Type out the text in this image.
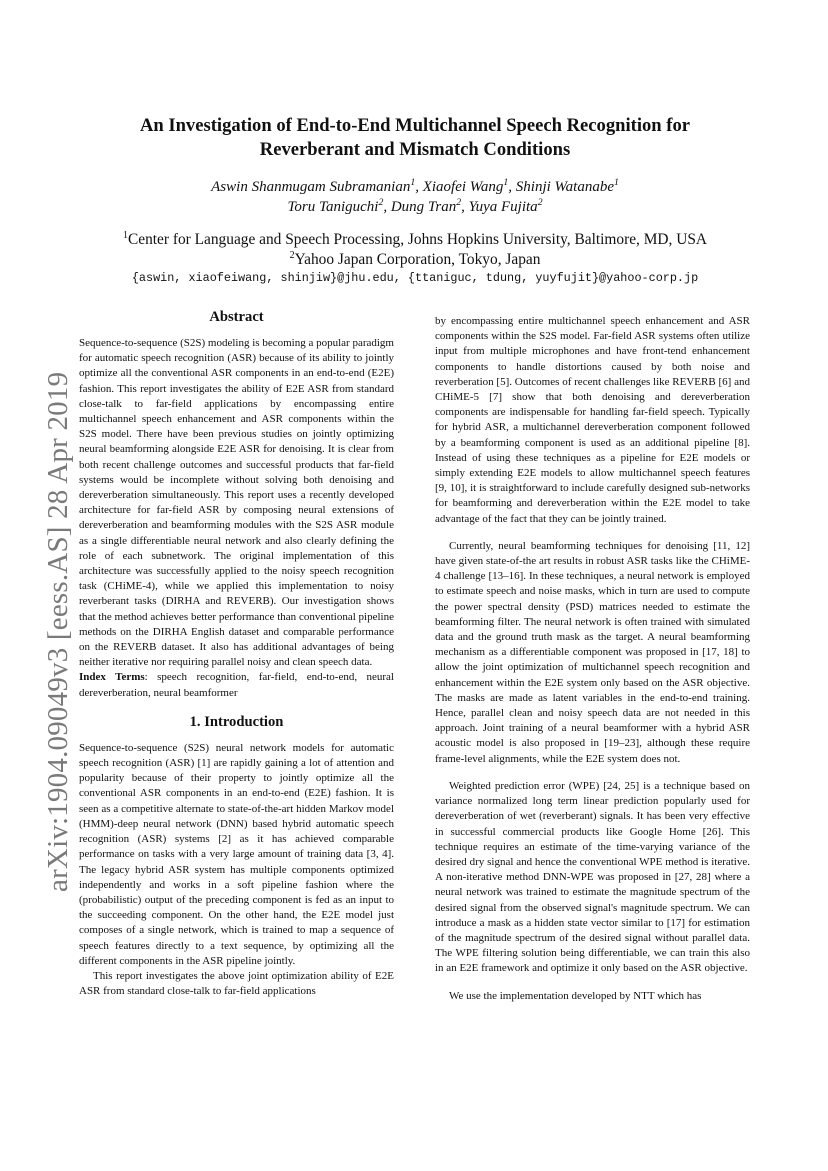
arXiv:1904.09049v3 [eess.AS] 28 Apr 2019
An Investigation of End-to-End Multichannel Speech Recognition for
Reverberant and Mismatch Conditions
Aswin Shanmugam Subramanian$^1$, Xiaofei Wang$^1$, Shinji Watanabe$^1$
Toru Taniguchi$^2$, Dung Tran$^2$, Yuya Fujita$^2$
$^1$Center for Language and Speech Processing, Johns Hopkins University, Baltimore, MD, USA
$^2$Yahoo Japan Corporation, Tokyo, Japan
{aswin, xiaofeiwang, shinjiw}@jhu.edu, {ttaniguc, tdung, yuyfujit}@yahoo-corp.jp
Abstract

Sequence-to-sequence (S2S) modeling is becoming a popular paradigm for automatic speech recognition (ASR) because of its ability to jointly optimize all the conventional ASR components in an end-to-end (E2E) fashion. This report investigates the ability of E2E ASR from standard close-talk to far-field applications by encompassing entire multichannel speech enhancement and ASR components within the S2S model. There have been previous studies on jointly optimizing neural beamforming alongside E2E ASR for denoising. It is clear from both recent challenge outcomes and successful products that far-field systems would be incomplete without solving both denoising and dereverberation simultaneously. This report uses a recently developed architecture for far-field ASR by composing neural extensions of dereverberation and beamforming modules with the S2S ASR module as a single differentiable neural network and also clearly defining the role of each subnetwork. The original implementation of this architecture was successfully applied to the noisy speech recognition task (CHiME-4), while we applied this implementation to noisy reverberant tasks (DIRHA and REVERB). Our investigation shows that the method achieves better performance than conventional pipeline methods on the DIRHA English dataset and comparable performance on the REVERB dataset. It also has additional advantages of being neither iterative nor requiring parallel noisy and clean speech data.

Index Terms: speech recognition, far-field, end-to-end, neural dereverberation, neural beamformer

1. Introduction

Sequence-to-sequence (S2S) neural network models for automatic speech recognition (ASR) [1] are rapidly gaining a lot of attention and popularity because of their property to jointly optimize all the conventional ASR components in an end-to-end (E2E) fashion. It is seen as a competitive alternate to state-of-the-art hidden Markov model (HMM)-deep neural network (DNN) based hybrid automatic speech recognition (ASR) systems [2] as it has achieved comparable performance on tasks with a very large amount of training data [3, 4]. The legacy hybrid ASR system has multiple components optimized independently and works in a soft pipeline fashion where the (probabilistic) output of the preceding component is fed as an input to the succeeding component. On the other hand, the E2E model just composes of a single network, which is trained to map a sequence of speech features directly to a text sequence, by optimizing all the different components in the ASR pipeline jointly.

This report investigates the above joint optimization ability of E2E ASR from standard close-talk to far-field applications

by encompassing entire multichannel speech enhancement and ASR components within the S2S model. Far-field ASR systems often utilize input from multiple microphones and have front-tend enhancement components to handle distortions caused by both noise and reverberation [5]. Outcomes of recent challenges like REVERB [6] and CHiME-5 [7] show that both denoising and dereverberation components are indispensable for handling far-field speech. Typically for hybrid ASR, a multichannel dereverberation component followed by a beamforming component is used as an additional pipeline [8]. Instead of using these techniques as a pipeline for E2E models or simply extending E2E models to allow multichannel speech features [9, 10], it is straightforward to include carefully designed sub-networks for beamforming and dereverberation within the E2E model to take advantage of the fact that they can be jointly trained.

Currently, neural beamforming techniques for denoising [11, 12] have given state-of-the art results in robust ASR tasks like the CHiME-4 challenge [13–16]. In these techniques, a neural network is employed to estimate speech and noise masks, which in turn are used to compute the power spectral density (PSD) matrices needed to estimate the beamforming filter. The neural network is often trained with simulated data and the ground truth mask as the target. A neural beamforming mechanism as a differentiable component was proposed in [17, 18] to allow the joint optimization of multichannel speech recognition and enhancement within the E2E system only based on the ASR objective. The masks are made as latent variables in the end-to-end training. Hence, parallel clean and noisy speech data are not needed in this approach. Joint training of a neural beamformer with a hybrid ASR acoustic model is also proposed in [19–23], although these require frame-level alignments, while the E2E system does not.

Weighted prediction error (WPE) [24, 25] is a technique based on variance normalized long term linear prediction popularly used for dereverberation of wet (reverberant) signals. It has been very effective in successful commercial products like Google Home [26]. This technique requires an estimate of the time-varying variance of the desired dry signal and hence the conventional WPE method is iterative. A non-iterative method DNN-WPE was proposed in [27, 28] where a neural network was trained to estimate the magnitude spectrum of the desired signal from the observed signal's magnitude spectrum. We can introduce a mask as a hidden state vector similar to [17] for estimation of the magnitude spectrum of the desired signal without parallel data. The WPE filtering solution being differentiable, we can train this also in an E2E framework and optimize it only based on the ASR objective.

We use the implementation developed by NTT which has
